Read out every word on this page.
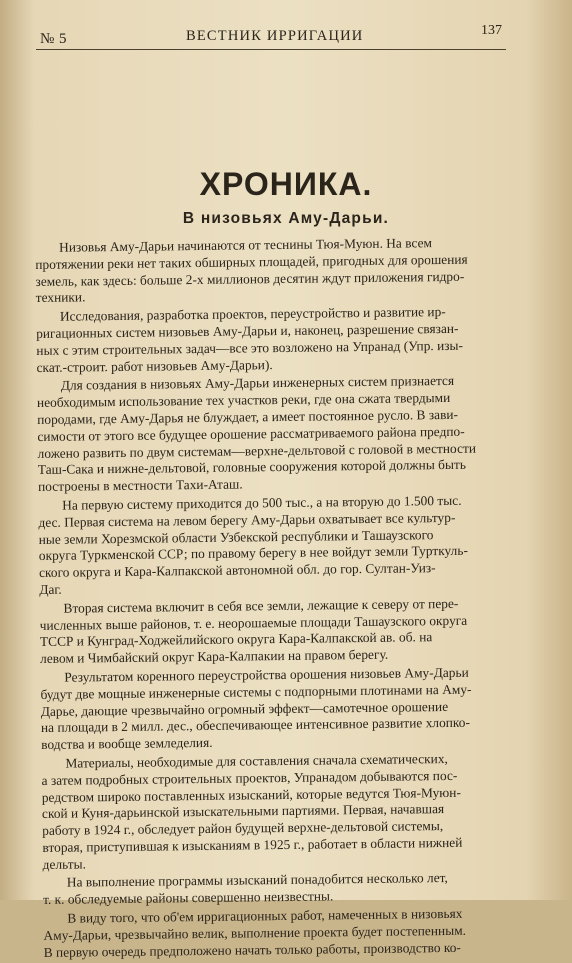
№ 5	ВЕСТНИК ИРРИГАЦИИ	137
ХРОНИКА.
В низовьях Аму-Дарьи.
Низовья Аму-Дарьи начинаются от теснины Тюя-Муюн. На всем
протяжении реки нет таких обширных площадей, пригодных для орошения
земель, как здесь: больше 2-х миллионов десятин ждут приложения гидро-
техники.
Исследования, разработка проектов, переустройство и развитие ир-
ригационных систем низовьев Аму-Дарьи и, наконец, разрешение связан-
ных с этим строительных задач—все это возложено на Упранад (Упр. изы-
скат.-строит. работ низовьев Аму-Дарьи).
Для создания в низовьях Аму-Дарьи инженерных систем признается
необходимым использование тех участков реки, где она сжата твердыми
породами, где Аму-Дарья не блуждает, а имеет постоянное русло. В зави-
симости от этого все будущее орошение рассматриваемого района предпо-
ложено развить по двум системам—верхне-дельтовой с головой в местности
Таш-Сака и нижне-дельтовой, головные сооружения которой должны быть
построены в местности Тахи-Аташ.
На первую систему приходится до 500 тыс., а на вторую до 1.500 тыс.
дес. Первая система на левом берегу Аму-Дарьи охватывает все культур-
ные земли Хорезмской области Узбекской республики и Ташаузского
округа Туркменской ССР; по правому берегу в нее войдут земли Турткуль-
ского округа и Кара-Калпакской автономной обл. до гор. Султан-Уиз-
Даг.
Вторая система включит в себя все земли, лежащие к северу от пере-
численных выше районов, т. е. неорошаемые площади Ташаузского округа
ТССР и Кунград-Ходжейлийского округа Кара-Калпакской ав. об. на
левом и Чимбайский округ Кара-Калпакии на правом берегу.
Результатом коренного переустройства орошения низовьев Аму-Дарьи
будут две мощные инженерные системы с подпорными плотинами на Аму-
Дарье, дающие чрезвычайно огромный эффект—самотечное орошение
на площади в 2 милл. дес., обеспечивающее интенсивное развитие хлопко-
водства и вообще земледелия.
Материалы, необходимые для составления сначала схематических,
а затем подробных строительных проектов, Упранадом добываются пос-
редством широко поставленных изысканий, которые ведутся Тюя-Муюн-
ской и Куня-дарьинской изыскательными партиями. Первая, начавшая
работу в 1924 г., обследует район будущей верхне-дельтовой системы,
вторая, приступившая к изысканиям в 1925 г., работает в области нижней
дельты.
На выполнение программы изысканий понадобится несколько лет,
т. к. обследуемые районы совершенно неизвестны.
В виду того, что об'ем ирригационных работ, намеченных в низовьях
Аму-Дарьи, чрезвычайно велик, выполнение проекта будет постепенным.
В первую очередь предположено начать только работы, производство ко-
